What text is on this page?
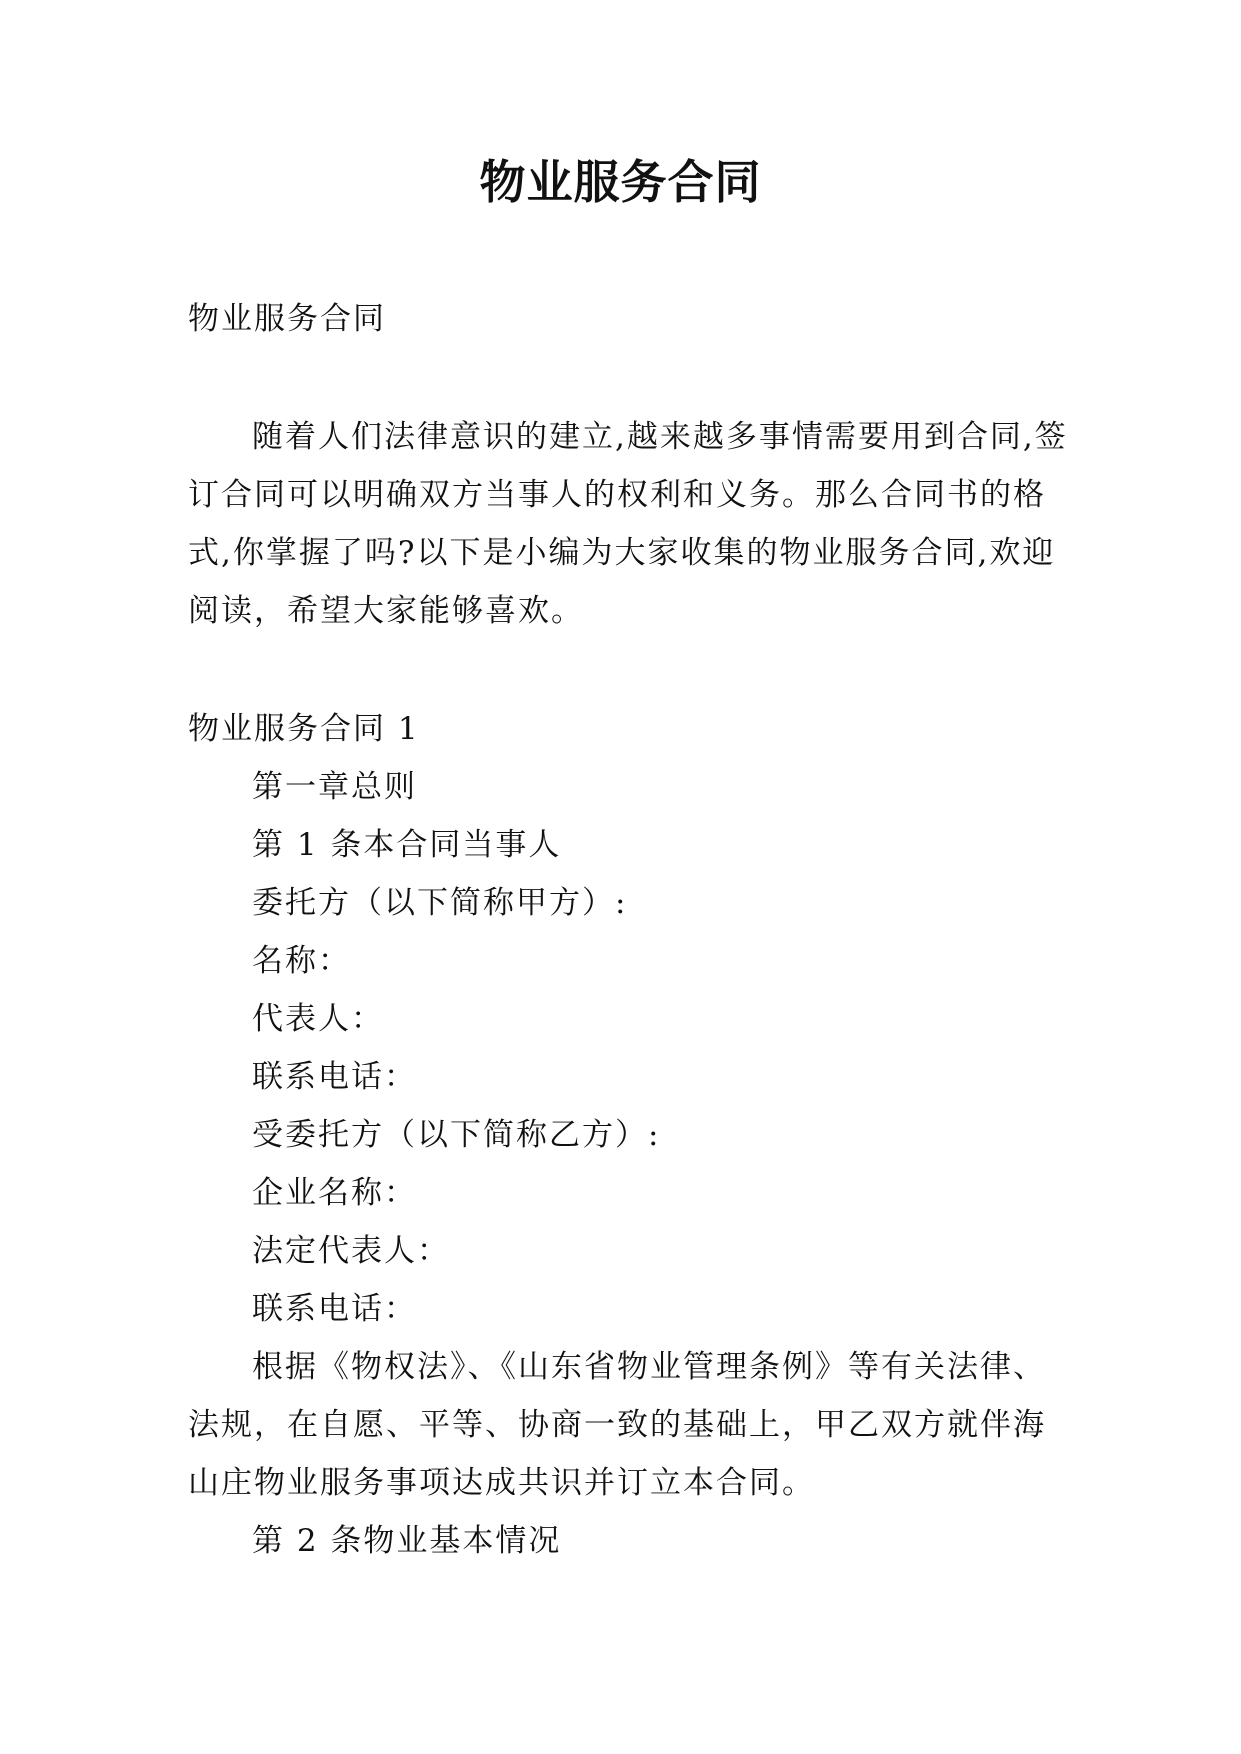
物业服务合同

物业服务合同

随着人们法律意识的建立,越来越多事情需要用到合同,签订合同可以明确双方当事人的权利和义务。那么合同书的格式,你掌握了吗?以下是小编为大家收集的物业服务合同,欢迎阅读，希望大家能够喜欢。

物业服务合同 1

第一章总则

第 1 条本合同当事人

委托方（以下简称甲方）:

名称：

代表人：

联系电话：

受委托方（以下简称乙方）:

企业名称：

法定代表人：

联系电话：

根据《物权法》、《山东省物业管理条例》等有关法律、法规，在自愿、平等、协商一致的基础上，甲乙双方就伴海山庄物业服务事项达成共识并订立本合同。

第 2 条物业基本情况
